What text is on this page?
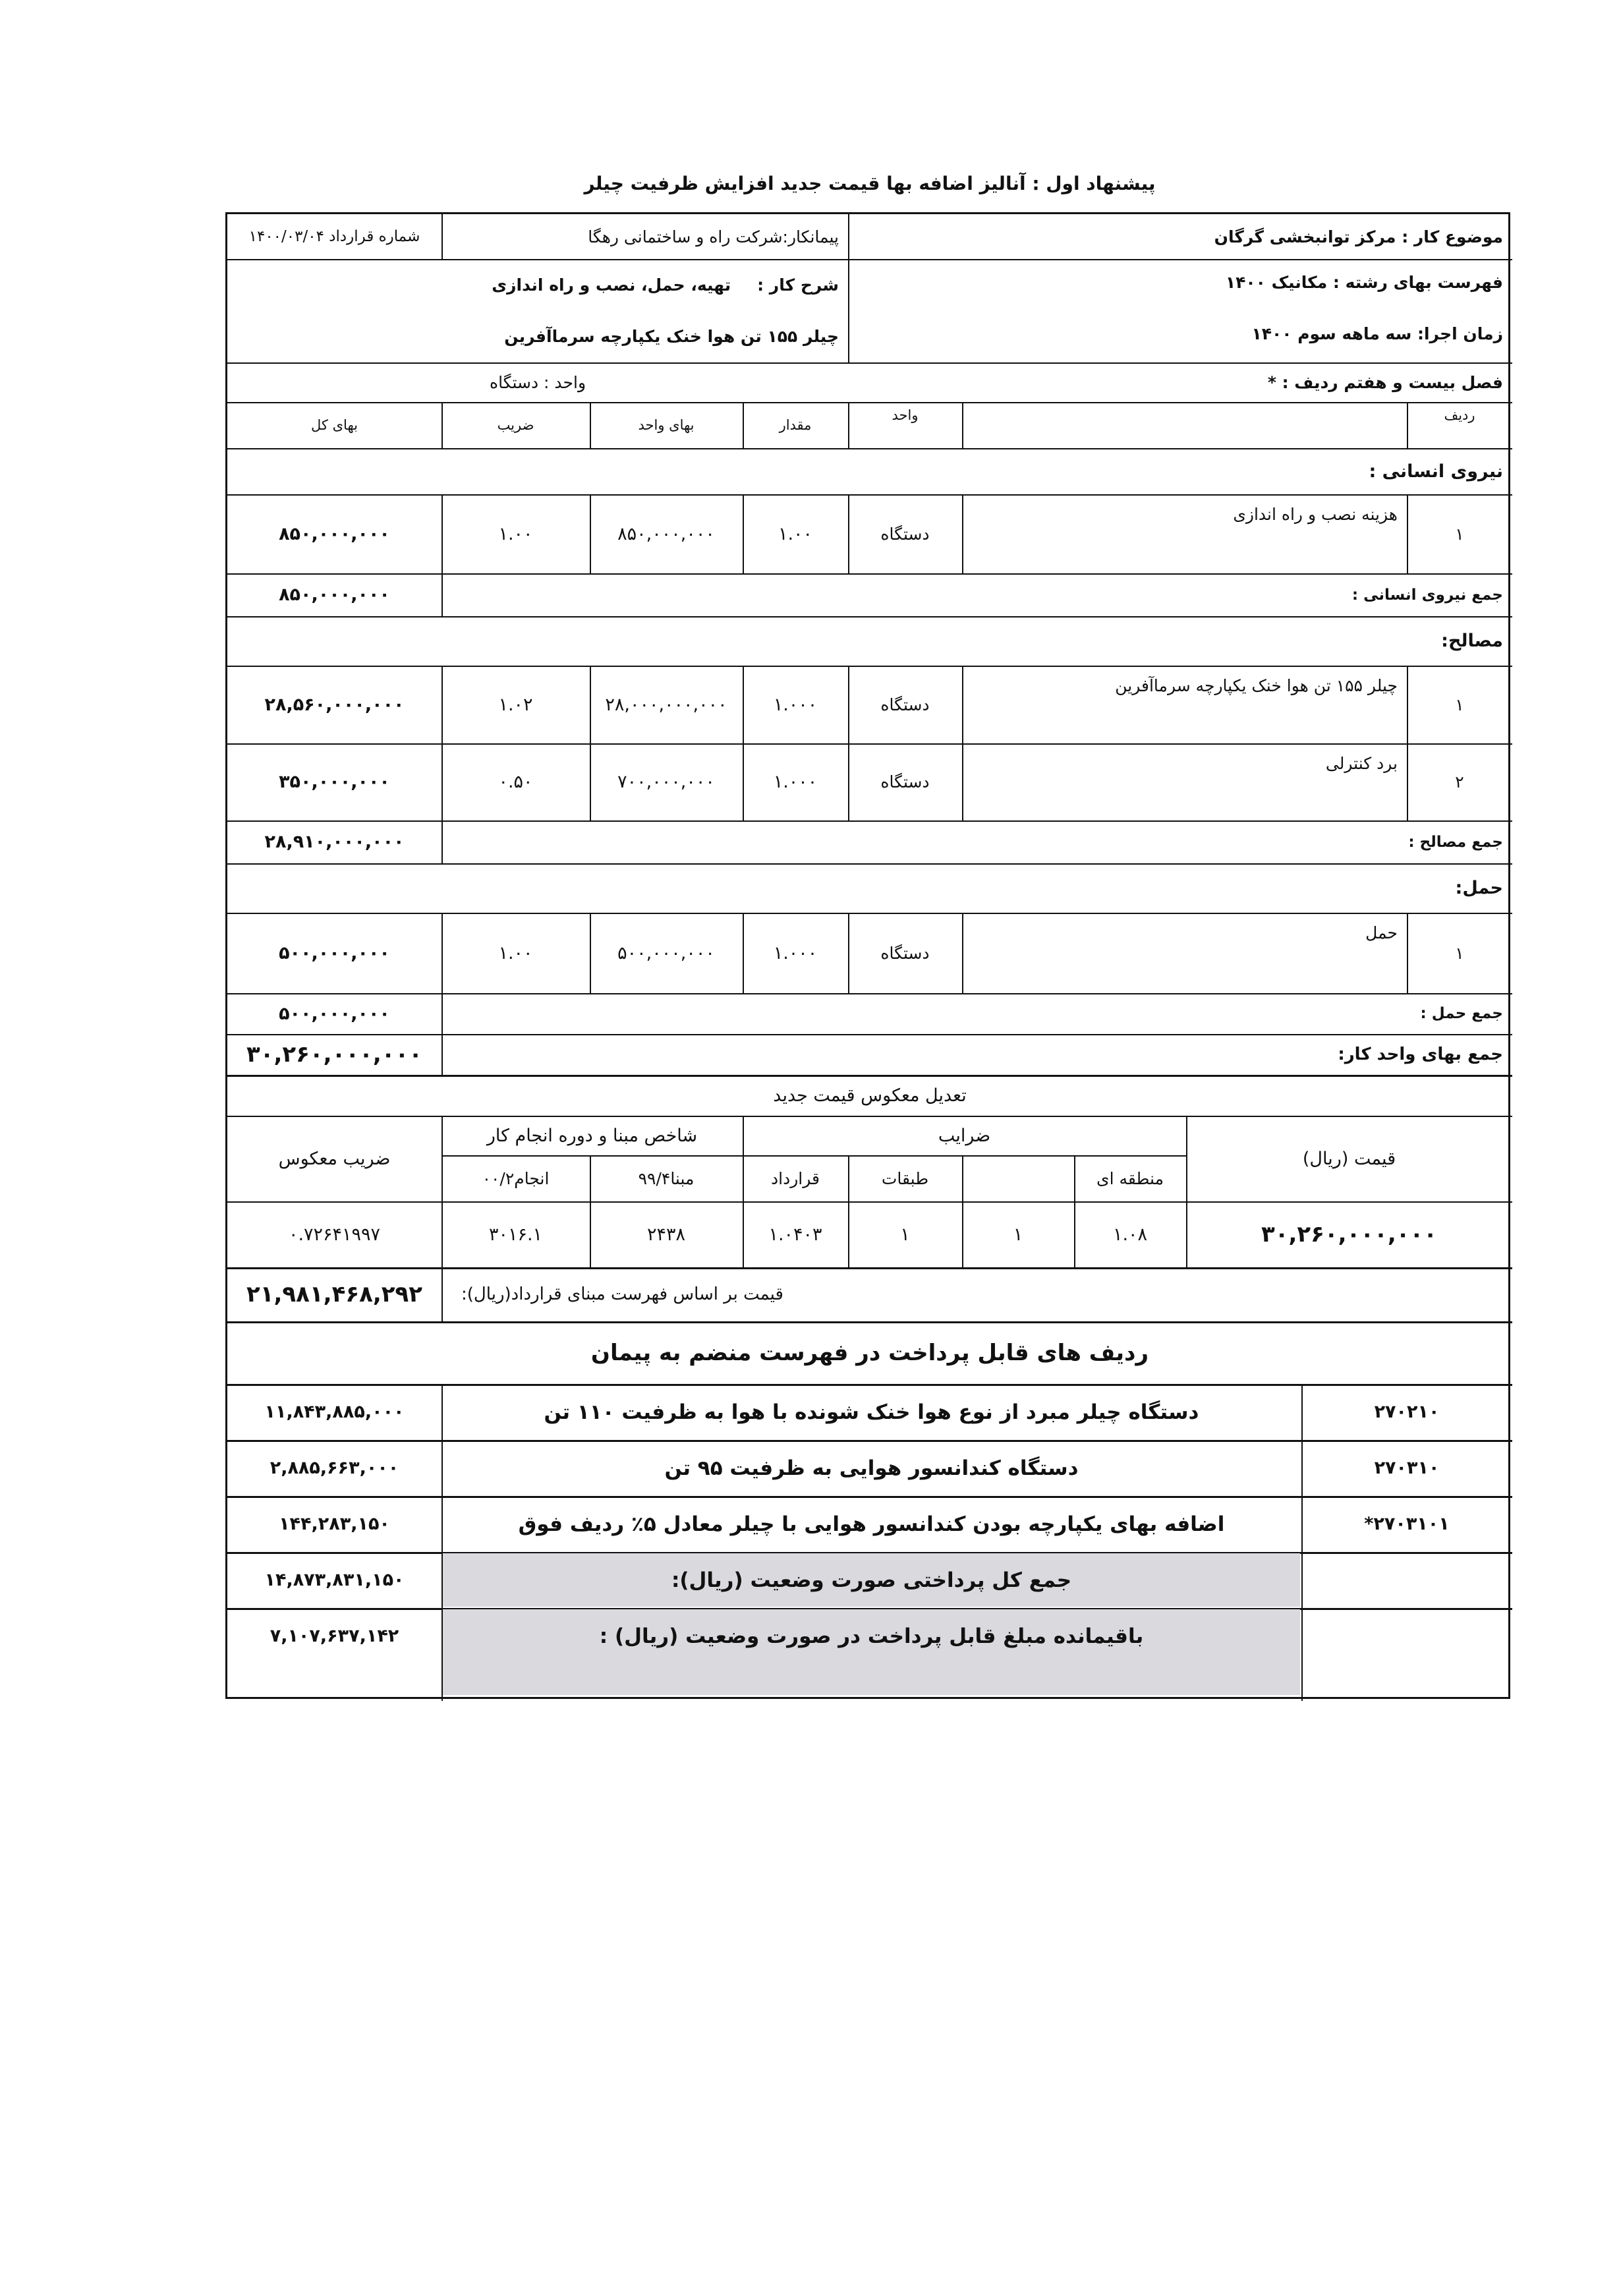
پیشنهاد اول : آنالیز اضافه بها قیمت جدید افزایش ظرفیت چیلر
موضوع کار : مرکز توانبخشی گرگان
پیمانکار:شرکت راه و ساختمانی رهگا
شماره قرارداد ۱۴۰۰/۰۳/۰۴
فهرست بهای رشته : مکانیک ۱۴۰۰
زمان اجرا: سه ماهه سوم ۱۴۰۰
شرح کار :
تهیه، حمل، نصب و راه اندازی
چیلر ۱۵۵ تن هوا خنک یکپارچه سرماآفرین
فصل بیست و هفتم ردیف : *
واحد : دستگاه
ردیف
واحد
مقدار
بهای واحد
ضریب
بهای کل
نیروی انسانی :
۱
هزینه نصب و راه اندازی
دستگاه
۱.۰۰
۸۵۰,۰۰۰,۰۰۰
۱.۰۰
۸۵۰,۰۰۰,۰۰۰
جمع نیروی انسانی :
۸۵۰,۰۰۰,۰۰۰
مصالح:
۱
چیلر ۱۵۵ تن هوا خنک یکپارچه سرماآفرین
دستگاه
۱.۰۰۰
۲۸,۰۰۰,۰۰۰,۰۰۰
۱.۰۲
۲۸,۵۶۰,۰۰۰,۰۰۰
۲
برد کنترلی
دستگاه
۱.۰۰۰
۷۰۰,۰۰۰,۰۰۰
۰.۵۰
۳۵۰,۰۰۰,۰۰۰
جمع مصالح :
۲۸,۹۱۰,۰۰۰,۰۰۰
حمل:
۱
حمل
دستگاه
۱.۰۰۰
۵۰۰,۰۰۰,۰۰۰
۱.۰۰
۵۰۰,۰۰۰,۰۰۰
جمع حمل :
۵۰۰,۰۰۰,۰۰۰
جمع بهای واحد کار:
۳۰,۲۶۰,۰۰۰,۰۰۰
تعدیل معکوس قیمت جدید
قیمت (ریال)
ضرایب
شاخص مبنا و دوره انجام کار
ضریب معکوس
منطقه ای
طبقات
قرارداد
مبنا۹۹/۴
انجام۰۰/۲
۳۰,۲۶۰,۰۰۰,۰۰۰
۱.۰۸
۱
۱
۱.۰۴۰۳
۲۴۳۸
۳۰۱۶.۱
۰.۷۲۶۴۱۹۹۷
قیمت بر اساس فهرست مبنای قرارداد(ریال):
۲۱,۹۸۱,۴۶۸,۲۹۲
ردیف های قابل پرداخت در فهرست منضم به پیمان
۲۷۰۲۱۰
دستگاه چیلر مبرد از نوع هوا خنک شونده با هوا به ظرفیت ۱۱۰ تن
۱۱,۸۴۳,۸۸۵,۰۰۰
۲۷۰۳۱۰
دستگاه کندانسور هوایی به ظرفیت ۹۵ تن
۲,۸۸۵,۶۶۳,۰۰۰
۲۷۰۳۱۰۱*
اضافه بهای یکپارچه بودن کندانسور هوایی با چیلر معادل ۵٪ ردیف فوق
۱۴۴,۲۸۳,۱۵۰
جمع کل پرداختی صورت وضعیت (ریال):
۱۴,۸۷۳,۸۳۱,۱۵۰
باقیمانده مبلغ قابل پرداخت در صورت وضعیت (ریال) :
۷,۱۰۷,۶۳۷,۱۴۲
